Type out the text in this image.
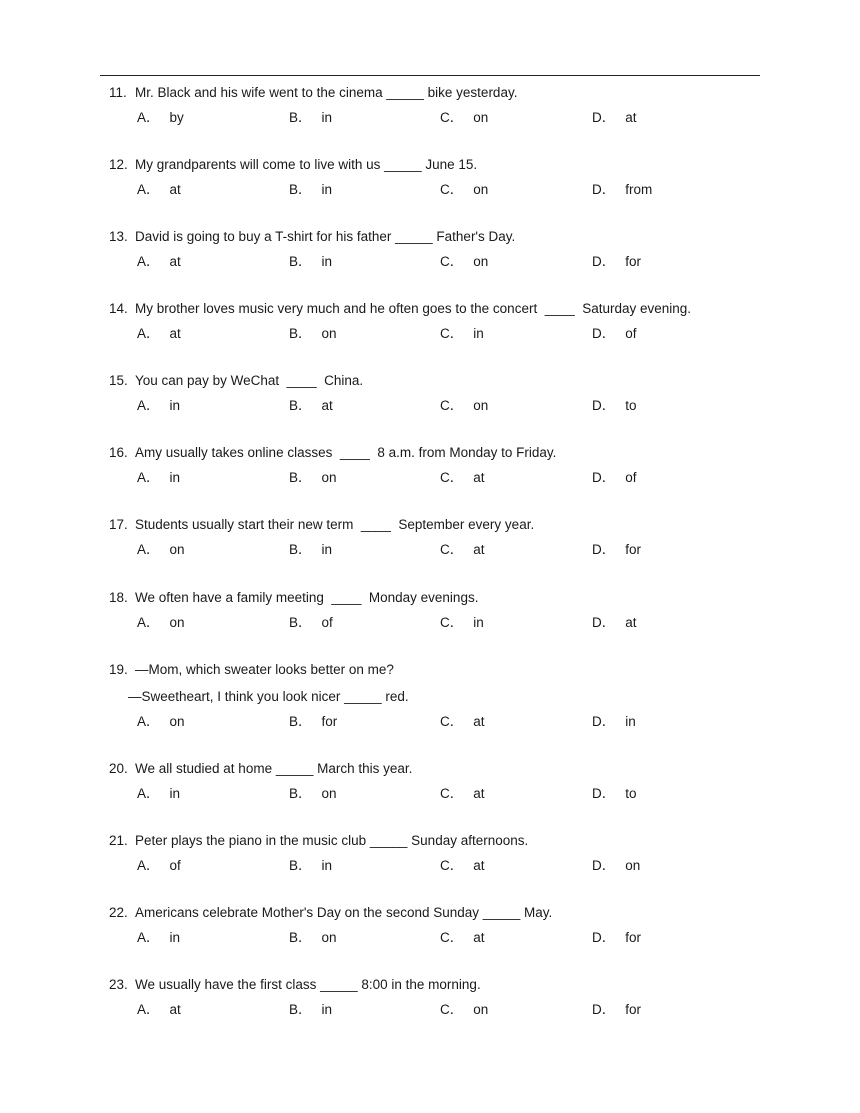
11. Mr. Black and his wife went to the cinema _____ bike yesterday.
A． by	B． in	C． on	D． at
12. My grandparents will come to live with us _____ June 15.
A． at	B． in	C． on	D． from
13. David is going to buy a T-shirt for his father _____ Father's Day.
A． at	B． in	C． on	D． for
14. My brother loves music very much and he often goes to the concert  ____  Saturday evening.
A． at	B． on	C． in	D． of
15. You can pay by WeChat  ____  China.
A． in	B． at	C． on	D． to
16. Amy usually takes online classes  ____  8 a.m. from Monday to Friday.
A． in	B． on	C． at	D． of
17. Students usually start their new term  ____  September every year.
A． on	B． in	C． at	D． for
18. We often have a family meeting  ____  Monday evenings.
A． on	B． of	C． in	D． at
19. —Mom, which sweater looks better on me?
—Sweetheart, I think you look nicer _____ red.
A． on	B． for	C． at	D． in
20. We all studied at home _____ March this year.
A． in	B． on	C． at	D． to
21. Peter plays the piano in the music club _____ Sunday afternoons.
A． of	B． in	C． at	D． on
22. Americans celebrate Mother's Day on the second Sunday _____ May.
A． in	B． on	C． at	D． for
23. We usually have the first class _____ 8:00 in the morning.
A． at	B． in	C． on	D． for
